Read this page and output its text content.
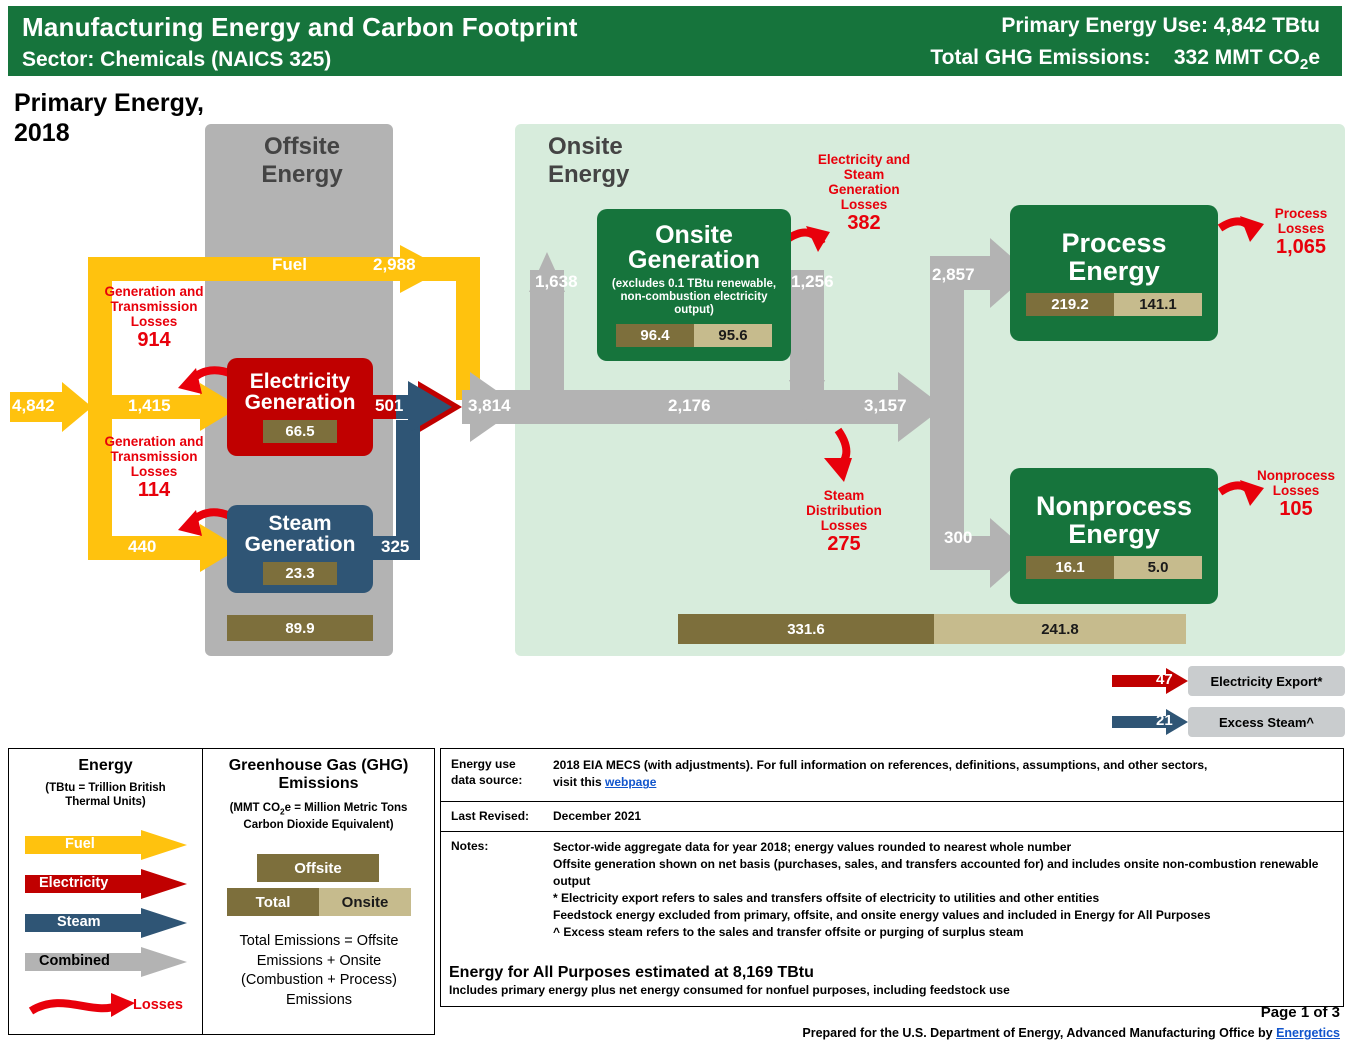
Manufacturing Energy and Carbon Footprint
Sector: Chemicals (NAICS 325)
Primary Energy Use: 4,842 TBtu
Total GHG Emissions: 332 MMT $CO_2e$
Primary Energy,
2018	Offsite
Energy
Onsite
Energy
4,842
Fuel	2,988
1,415
440
501
325
3,814
1,638	1,256
2,176	3,157
2,857
300
Electricity
Generation
66.5
Steam
Generation
23.3
89.9
Onsite
Generation
(excludes 0.1 TBtu renewable, non-combustion electricity output)
96.4	95.6
Process
Energy
219.2	141.1
Nonprocess
Energy
16.1	5.0
331.6	241.8
Generation and Transmission Losses
914
Generation and Transmission Losses
114
Electricity and Steam Generation Losses
382
Steam Distribution Losses
275
Process Losses
1,065
Nonprocess Losses
105
47	Electricity Export*
21	Excess Steam^
Energy
(TBtu = Trillion British Thermal Units)
Fuel
Electricity
Steam
Combined
Losses
Greenhouse Gas (GHG)
Emissions
(MMT $CO_2e$ = Million Metric Tons Carbon Dioxide Equivalent)
Offsite
Total	Onsite
Total Emissions = Offsite Emissions + Onsite (Combustion + Process) Emissions
Energy use
data source:
2018 EIA MECS (with adjustments). For full information on references, definitions, assumptions, and other sectors,
visit this webpage
Last Revised: December 2021
Notes:	Sector-wide aggregate data for year 2018; energy values rounded to nearest whole number
Offsite generation shown on net basis (purchases, sales, and transfers accounted for) and includes onsite non-combustion renewable output
* Electricity export refers to sales and transfers offsite of electricity to utilities and other entities
Feedstock energy excluded from primary, offsite, and onsite energy values and included in Energy for All Purposes
^ Excess steam refers to the sales and transfer offsite or purging of surplus steam
Energy for All Purposes estimated at 8,169 TBtu
Includes primary energy plus net energy consumed for nonfuel purposes, including feedstock use
Page 1 of 3
Prepared for the U.S. Department of Energy, Advanced Manufacturing Office by Energetics
